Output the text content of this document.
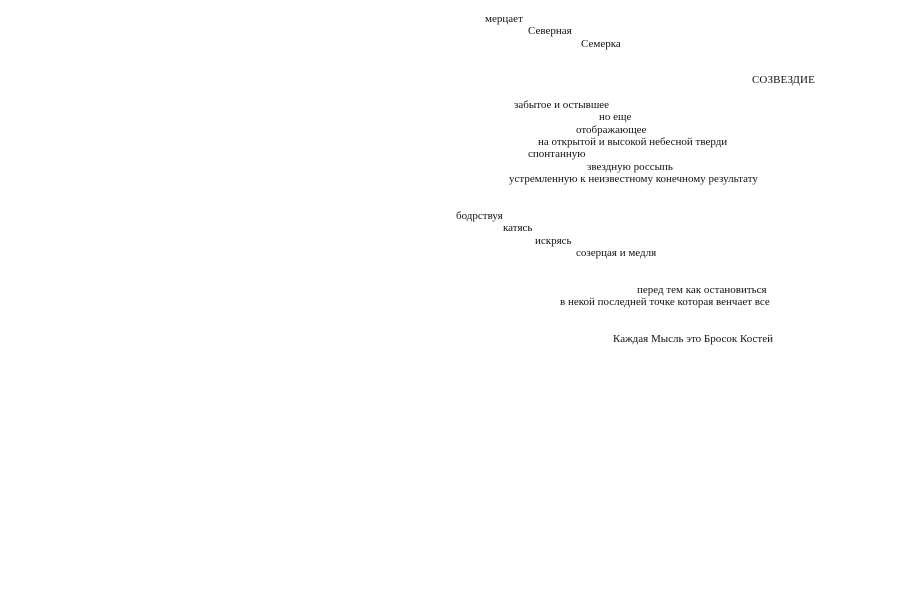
мерцает
Северная
Семерка
СОЗВЕЗДИЕ
забытое и остывшее
но еще
отображающее
на открытой и высокой небесной тверди
спонтанную
звездную россыпь
устремленную к неизвестному конечному результату
бодрствуя
катясь
искрясь
созерцая и медля
перед тем как остановиться
в некой последней точке которая венчает все
Каждая Мысль это Бросок Костей
